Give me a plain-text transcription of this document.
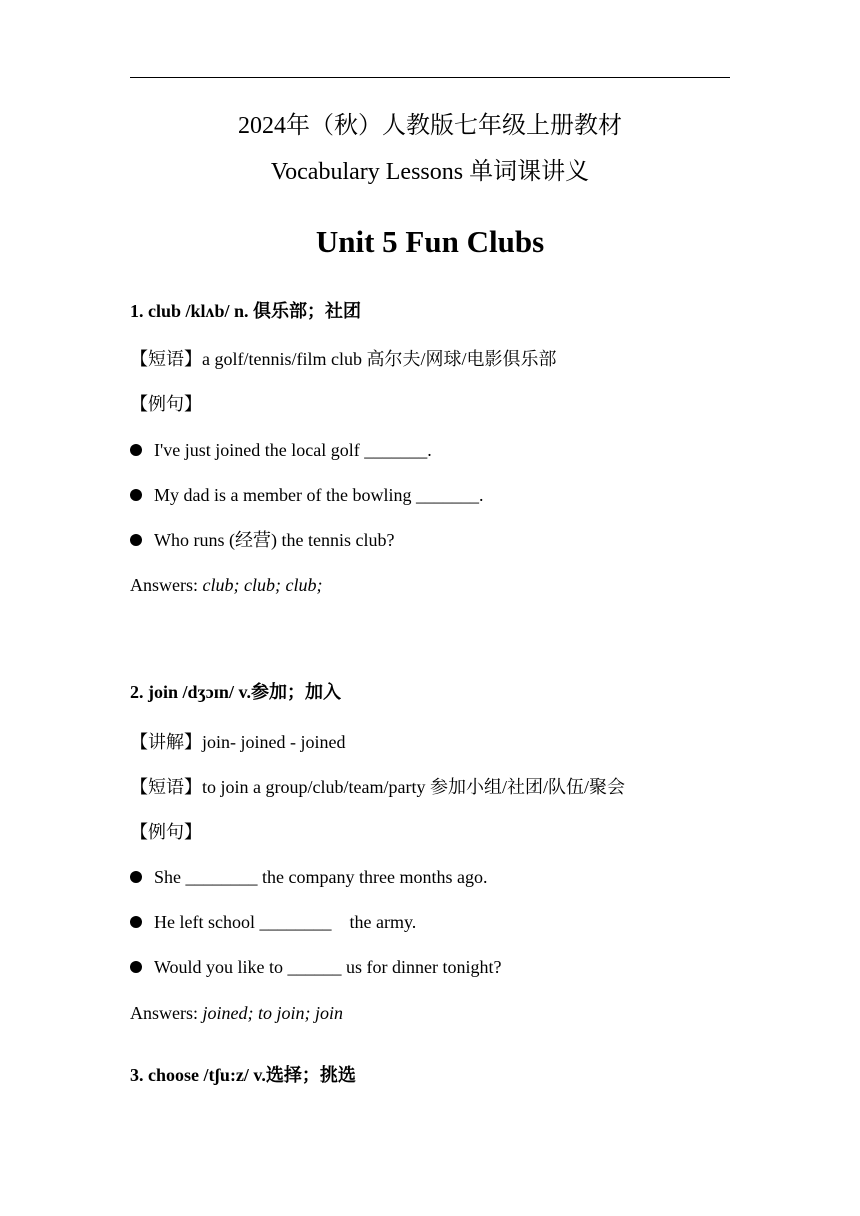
2024年（秋）人教版七年级上册教材
Vocabulary Lessons 单词课讲义
Unit 5 Fun Clubs
1. club /klʌb/ n. 俱乐部；社团
【短语】a golf/tennis/film club 高尔夫/网球/电影俱乐部
【例句】
I've just joined the local golf _______.
My dad is a member of the bowling _______.
Who runs (经营) the tennis club?
Answers: club; club; club;
2. join /dʒɔɪn/ v.参加；加入
【讲解】join- joined - joined
【短语】to join a group/club/team/party 参加小组/社团/队伍/聚会
【例句】
She ________ the company three months ago.
He left school ________    the army.
Would you like to ______ us for dinner tonight?
Answers: joined; to join; join
3. choose /tʃu:z/ v.选择；挑选
